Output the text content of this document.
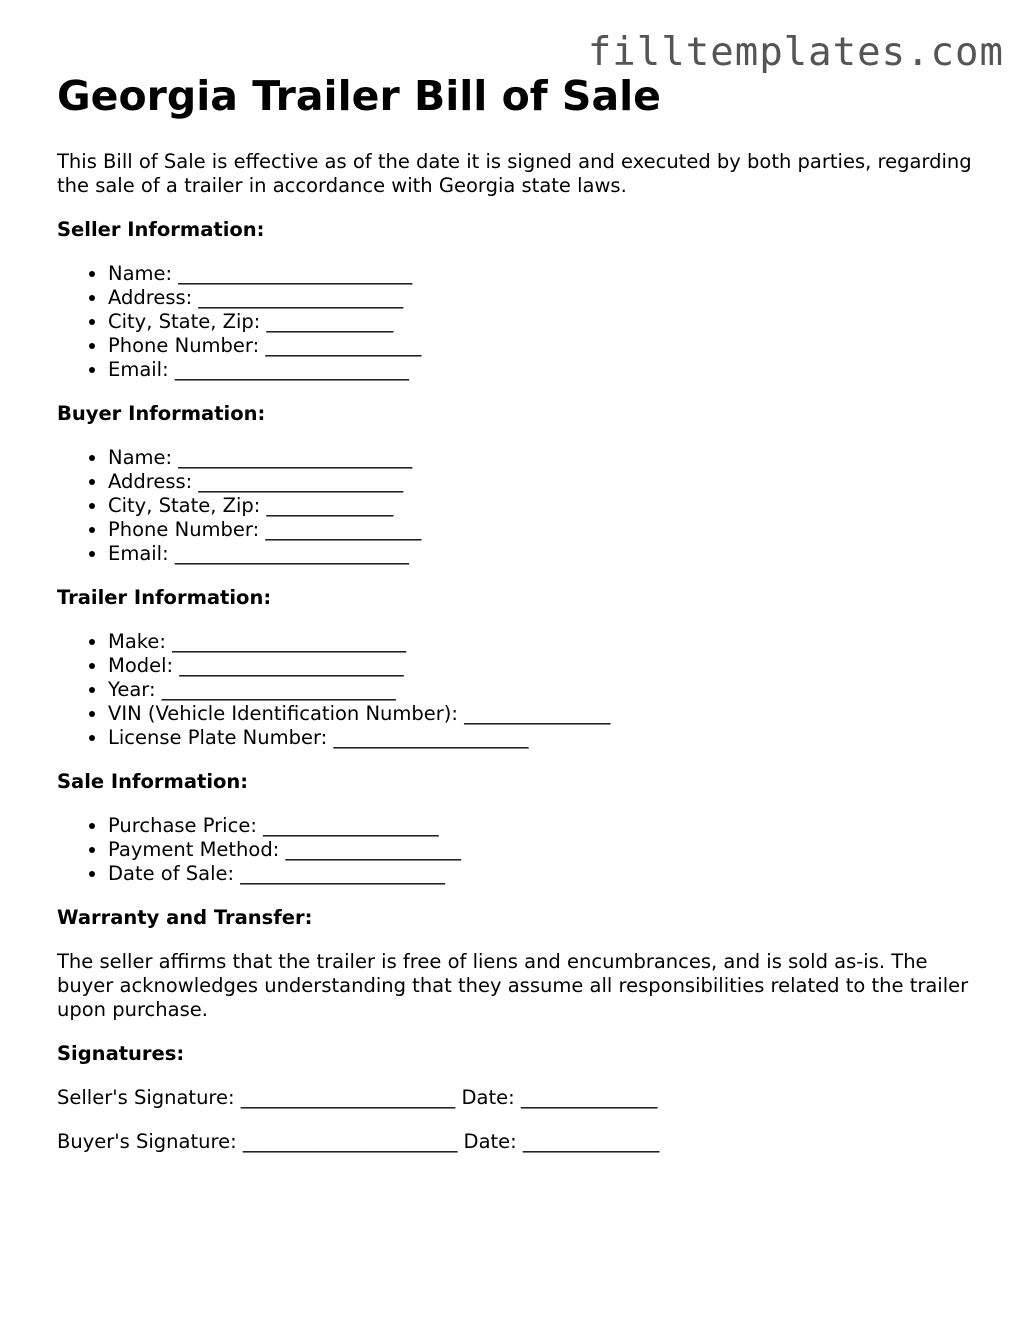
filltemplates.com
Georgia Trailer Bill of Sale

This Bill of Sale is effective as of the date it is signed and executed by both parties, regarding the sale of a trailer in accordance with Georgia state laws.

Seller Information:
• Name: ________________________
• Address: _____________________
• City, State, Zip: _____________
• Phone Number: ________________
• Email: ________________________
Buyer Information:
• Name: ________________________
• Address: _____________________
• City, State, Zip: _____________
• Phone Number: ________________
• Email: ________________________
Trailer Information:
• Make: ________________________
• Model: _______________________
• Year: ________________________
• VIN (Vehicle Identification Number): _______________
• License Plate Number: ____________________
Sale Information:
• Purchase Price: __________________
• Payment Method: __________________
• Date of Sale: _____________________
Warranty and Transfer:

The seller affirms that the trailer is free of liens and encumbrances, and is sold as-is. The buyer acknowledges understanding that they assume all responsibilities related to the trailer upon purchase.

Signatures:
Seller's Signature: ______________________ Date: ______________
Buyer's Signature: ______________________ Date: ______________
